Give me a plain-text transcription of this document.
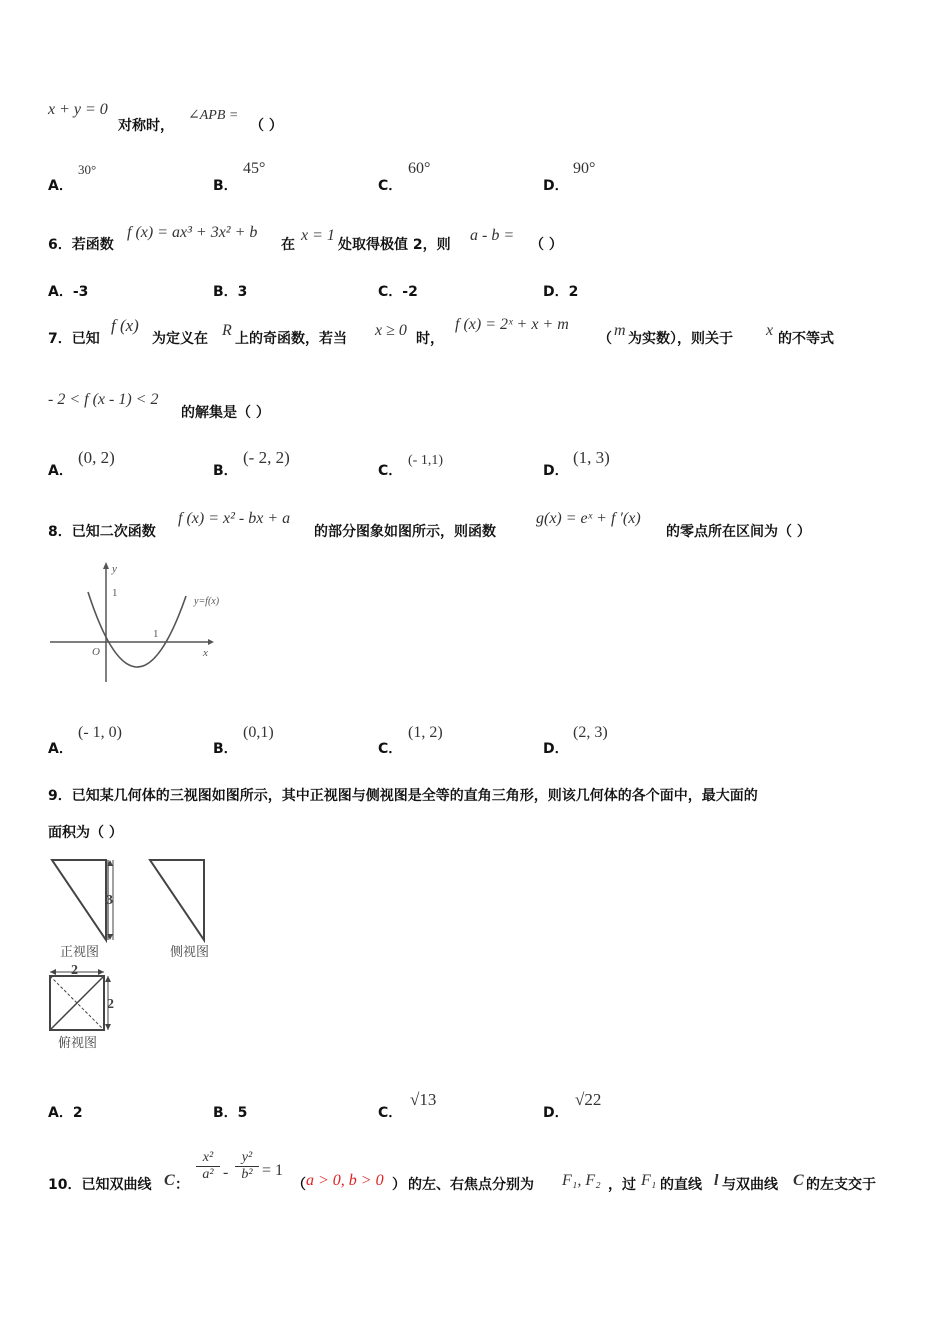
x + y = 0
对称时，
∠APB =
（ ）
A．
30°
B．
45°
C．
60°
D．
90°
6．若函数
f (x) = ax³ + 3x² + b
在
x = 1
处取得极值 2，则
a - b =
（ ）
A．-3	B．3	C．-2	D．2
7．已知
f (x)
为定义在 R 上的奇函数，若当 x ≥ 0 时，
f (x) = 2ˣ + x + m
（ m 为实数），则关于 x 的不等式
- 2 < f (x - 1) < 2
的解集是（ ）
A．
(0, 2)
B．
(- 2, 2)
C．
(- 1,1)
D．
(1, 3)
8．已知二次函数
f (x) = x² - bx + a
的部分图象如图所示，则函数
g(x) = eˣ + f ′(x)
的零点所在区间为（ ）
y
1
1
O	x
y=f(x)
A．
(- 1, 0)
B．
(0,1)
C．
(1, 2)
D．
(2, 3)
9．已知某几何体的三视图如图所示，其中正视图与侧视图是全等的直角三角形，则该几何体的各个面中，最大面的
面积为（ ）
3
正视图	侧视图
2
2
俯视图
A．2	B．5	C．
√13
D．
√22
10．已知双曲线 C ：
$\frac{\text{x²}}{\text{a²}} - \frac{\text{y²}}{\text{b²}} = 1$
（ a > 0, b > 0 ） 的左、右焦点分别为 F₁, F₂ ，过 F₁ 的直线 l 与双曲线 C 的左支交于
